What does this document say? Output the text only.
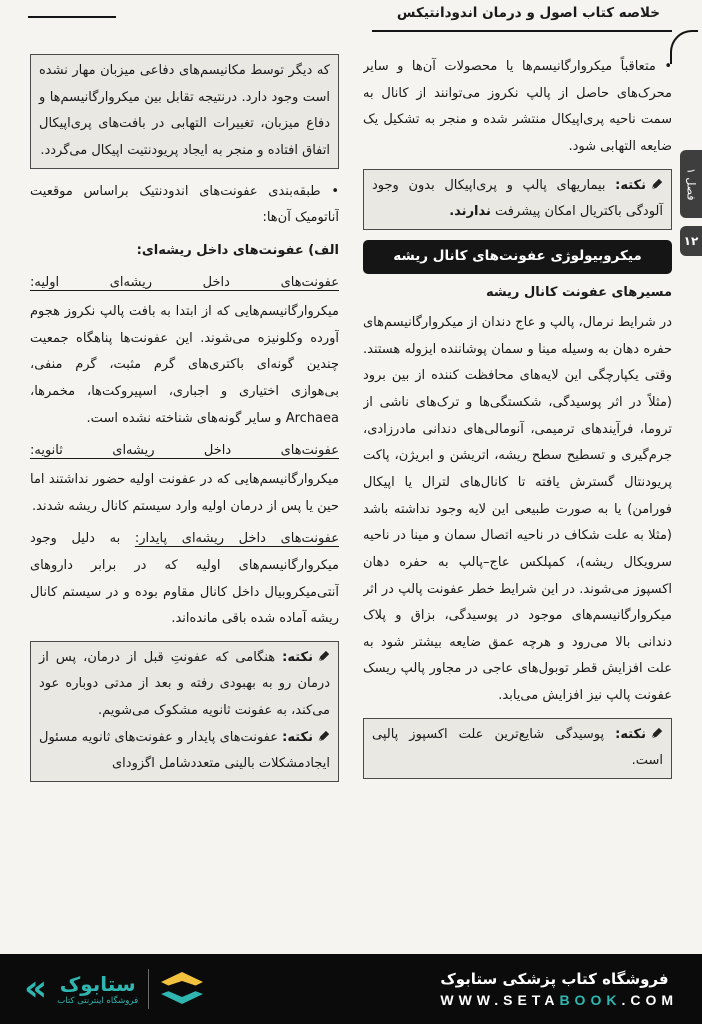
خلاصه کتاب اصول و درمان اندودانتیکس
فصل ۱
۱۲

• متعاقباً میکروارگانیسم‌ها یا محصولات آن‌ها و سایر محرک‌های حاصل از پالپ نکروز می‌توانند از کانال به سمت ناحیه پری‌اپیکال منتشر شده و منجر به تشکیل یک ضایعه التهابی شود.

نکته: بیماریهای پالپ و پری‌اپیکال بدون وجود آلودگی باکتریال امکان پیشرفت ندارند.

میکروبیولوژی عفونت‌های کانال ریشه
مسیرهای عفونت کانال ریشه

در شرایط نرمال، پالپ و عاج دندان از میکروارگانیسم‌های حفره دهان به وسیله مینا و سمان پوشاننده ایزوله هستند. وقتی یکپارچگی این لایه‌های محافظت کننده از بین برود (مثلاً در اثر پوسیدگی، شکستگی‌ها و ترک‌های ناشی از تروما، فرآیندهای ترمیمی، آنومالی‌های دندانی مادرزادی، جرم‌گیری و تسطیح سطح ریشه، اتریشن و ابریژن، پاکت پریودنتال گسترش یافته تا کانال‌های لترال یا اپیکال فورامن) یا به صورت طبیعی این لایه وجود نداشته باشد (مثلا به علت شکاف در ناحیه اتصال سمان و مینا در ناحیه سرویکال ریشه)، کمپلکس عاج–پالپ به حفره دهان اکسپوز می‌شوند. در این شرایط خطر عفونت پالپ در اثر میکروارگانیسم‌های موجود در پوسیدگی، بزاق و پلاک دندانی بالا می‌رود و هرچه عمق ضایعه بیشتر شود به علت افزایش قطر توبول‌های عاجی در مجاور پالپ ریسک عفونت پالپ نیز افزایش می‌یابد.

نکته: پوسیدگی شایع‌ترین علت اکسپوز پالپی است.

که دیگر توسط مکانیسم‌های دفاعی میزبان مهار نشده است وجود دارد. درنتیجه تقابل بین میکروارگانیسم‌ها و دفاع میزبان، تغییرات التهابی در بافت‌های پری‌اپیکال اتفاق افتاده و منجر به ایجاد پریودنتیت اپیکال می‌گردد.

• طبقه‌بندی عفونت‌های اندودنتیک براساس موقعیت آناتومیک آن‌ها:

الف) عفونت‌های داخل ریشه‌ای:

عفونت‌های داخل ریشه‌ای اولیه:

میکروارگانیسم‌هایی که از ابتدا به بافت پالپ نکروز هجوم آورده وکلونیزه می‌شوند. این عفونت‌ها پناهگاه جمعیت چندین گونه‌ای باکتری‌های گرم مثبت، گرم منفی، بی‌هوازی اختیاری و اجباری، اسپیروکت‌ها، مخمرها، Archaea و سایر گونه‌های شناخته نشده است.

عفونت‌های داخل ریشه‌ای ثانویه:

میکروارگانیسم‌هایی که در عفونت اولیه حضور نداشتند اما حین یا پس از درمان اولیه وارد سیستم کانال ریشه شدند.

عفونت‌های داخل ریشه‌ای پایدار: به دلیل وجود میکروارگانیسم‌های اولیه که در برابر داروهای آنتی‌میکروبیال داخل کانال مقاوم بوده و در سیستم کانال ریشه آماده شده باقی مانده‌اند.

نکته: هنگامی که عفونتِ قبل از درمان، پس از درمان رو به بهبودی رفته و بعد از مدتی دوباره عود می‌کند، به عفونت ثانویه مشکوک می‌شویم.

نکته: عفونت‌های پایدار و عفونت‌های ثانویه مسئول ایجادمشکلات بالینی متعددشامل اگزودای

« ستابوک
فروشگاه اینترنتی کتاب
فروشگاه کتاب پزشکی ستابوک
WWW.SETABOOK.COM
